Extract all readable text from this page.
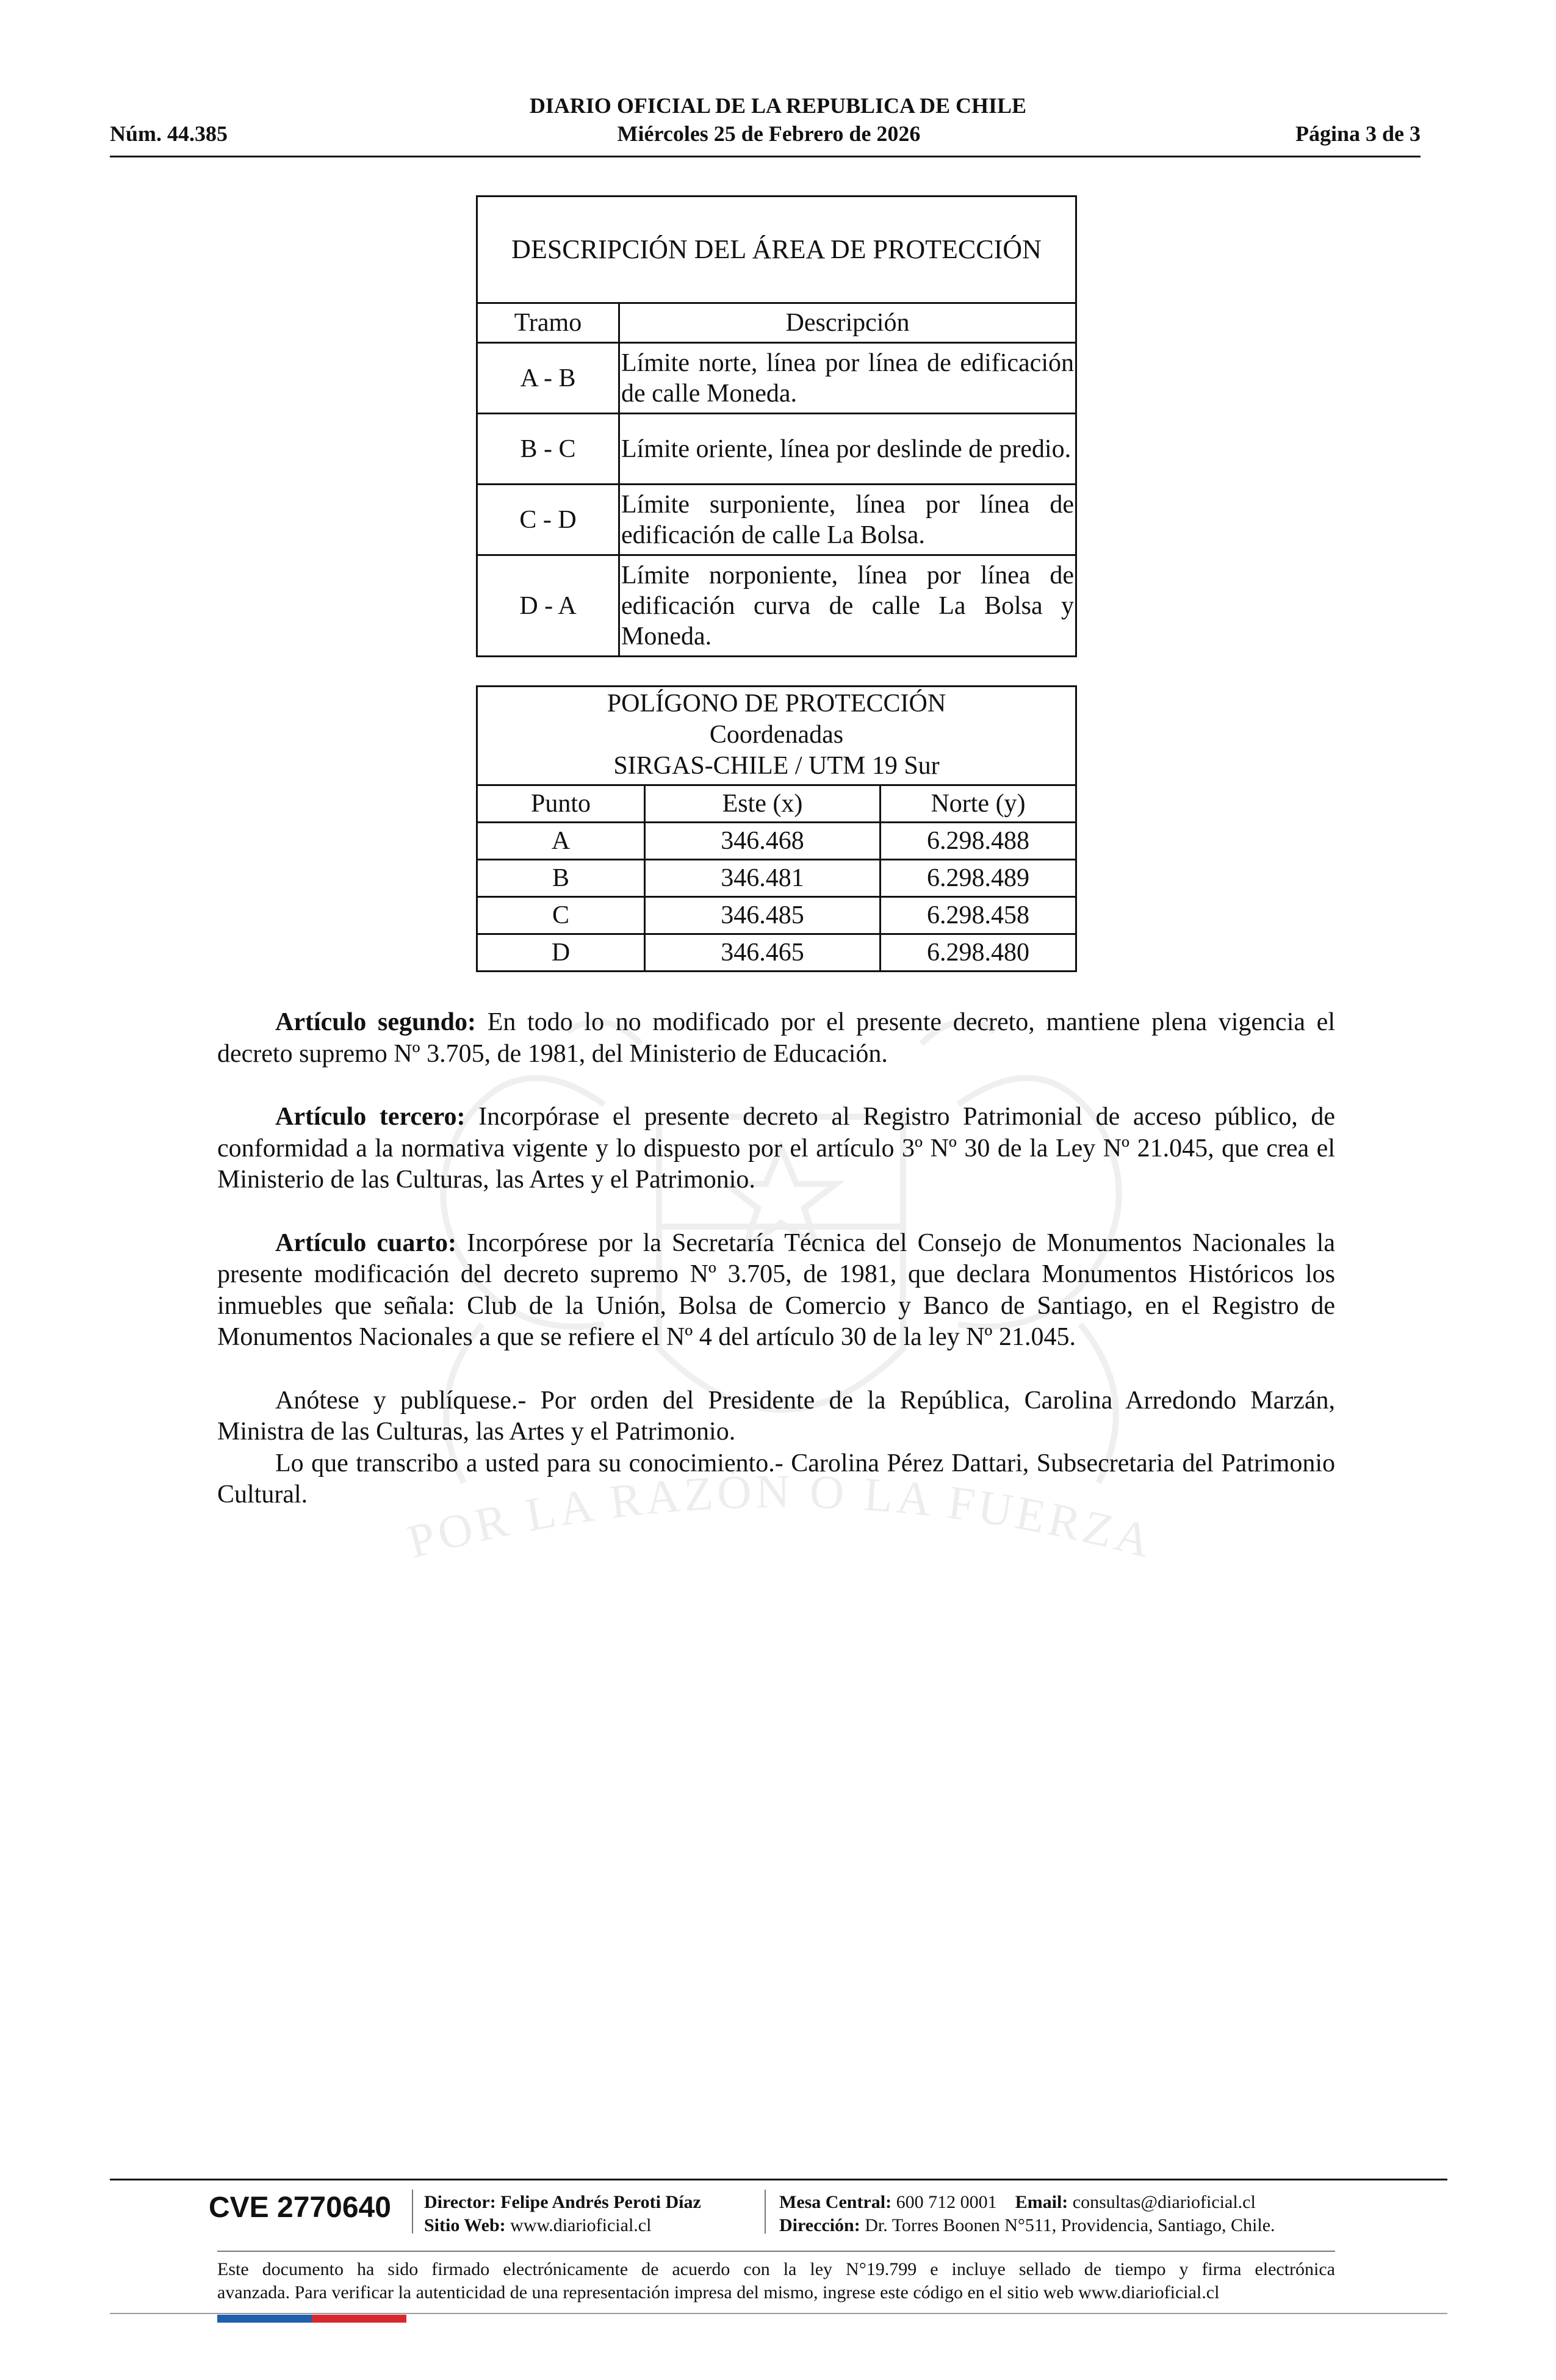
DIARIO OFICIAL DE LA REPUBLICA DE CHILE
Núm. 44.385	Miércoles 25 de Febrero de 2026	Página 3 de 3
POR LA RAZÓN O LA FUERZA
DESCRIPCIÓN DEL ÁREA DE PROTECCIÓN	
Tramo	Descripción
A - B	Límite norte, línea por línea de edificación de calle Moneda.
B - C	Límite oriente, línea por deslinde de predio.
C - D	Límite surponiente, línea por línea de edificación de calle La Bolsa.
D - A	Límite norponiente, línea por línea de edificación curva de calle La Bolsa y Moneda.
POLÍGONO DE PROTECCIÓN
Coordenadas
SIRGAS-CHILE / UTM 19 Sur		

Punto	Este (x)	Norte (y)
A	346.468	6.298.488
B	346.481	6.298.489
C	346.485	6.298.458
D	346.465	6.298.480

Artículo segundo: En todo lo no modificado por el presente decreto, mantiene plena vigencia el decreto supremo Nº 3.705, de 1981, del Ministerio de Educación.

Artículo tercero: Incorpórase el presente decreto al Registro Patrimonial de acceso público, de conformidad a la normativa vigente y lo dispuesto por el artículo 3º Nº 30 de la Ley Nº 21.045, que crea el Ministerio de las Culturas, las Artes y el Patrimonio.

Artículo cuarto: Incorpórese por la Secretaría Técnica del Consejo de Monumentos Nacionales la presente modificación del decreto supremo Nº 3.705, de 1981, que declara Monumentos Históricos los inmuebles que señala: Club de la Unión, Bolsa de Comercio y Banco de Santiago, en el Registro de Monumentos Nacionales a que se refiere el Nº 4 del artículo 30 de la ley Nº 21.045.

Anótese y publíquese.- Por orden del Presidente de la República, Carolina Arredondo Marzán, Ministra de las Culturas, las Artes y el Patrimonio.

Lo que transcribo a usted para su conocimiento.- Carolina Pérez Dattari, Subsecretaria del Patrimonio Cultural.

CVE 2770640 Director: Felipe Andrés Peroti Díaz
Sitio Web: www.diarioficial.cl
Mesa Central: 600 712 0001 Email: consultas@diarioficial.cl
Dirección: Dr. Torres Boonen N°511, Providencia, Santiago, Chile.
Este documento ha sido firmado electrónicamente de acuerdo con la ley N°19.799 e incluye sellado de tiempo y firma electrónica
avanzada. Para verificar la autenticidad de una representación impresa del mismo, ingrese este código en el sitio web www.diarioficial.cl
